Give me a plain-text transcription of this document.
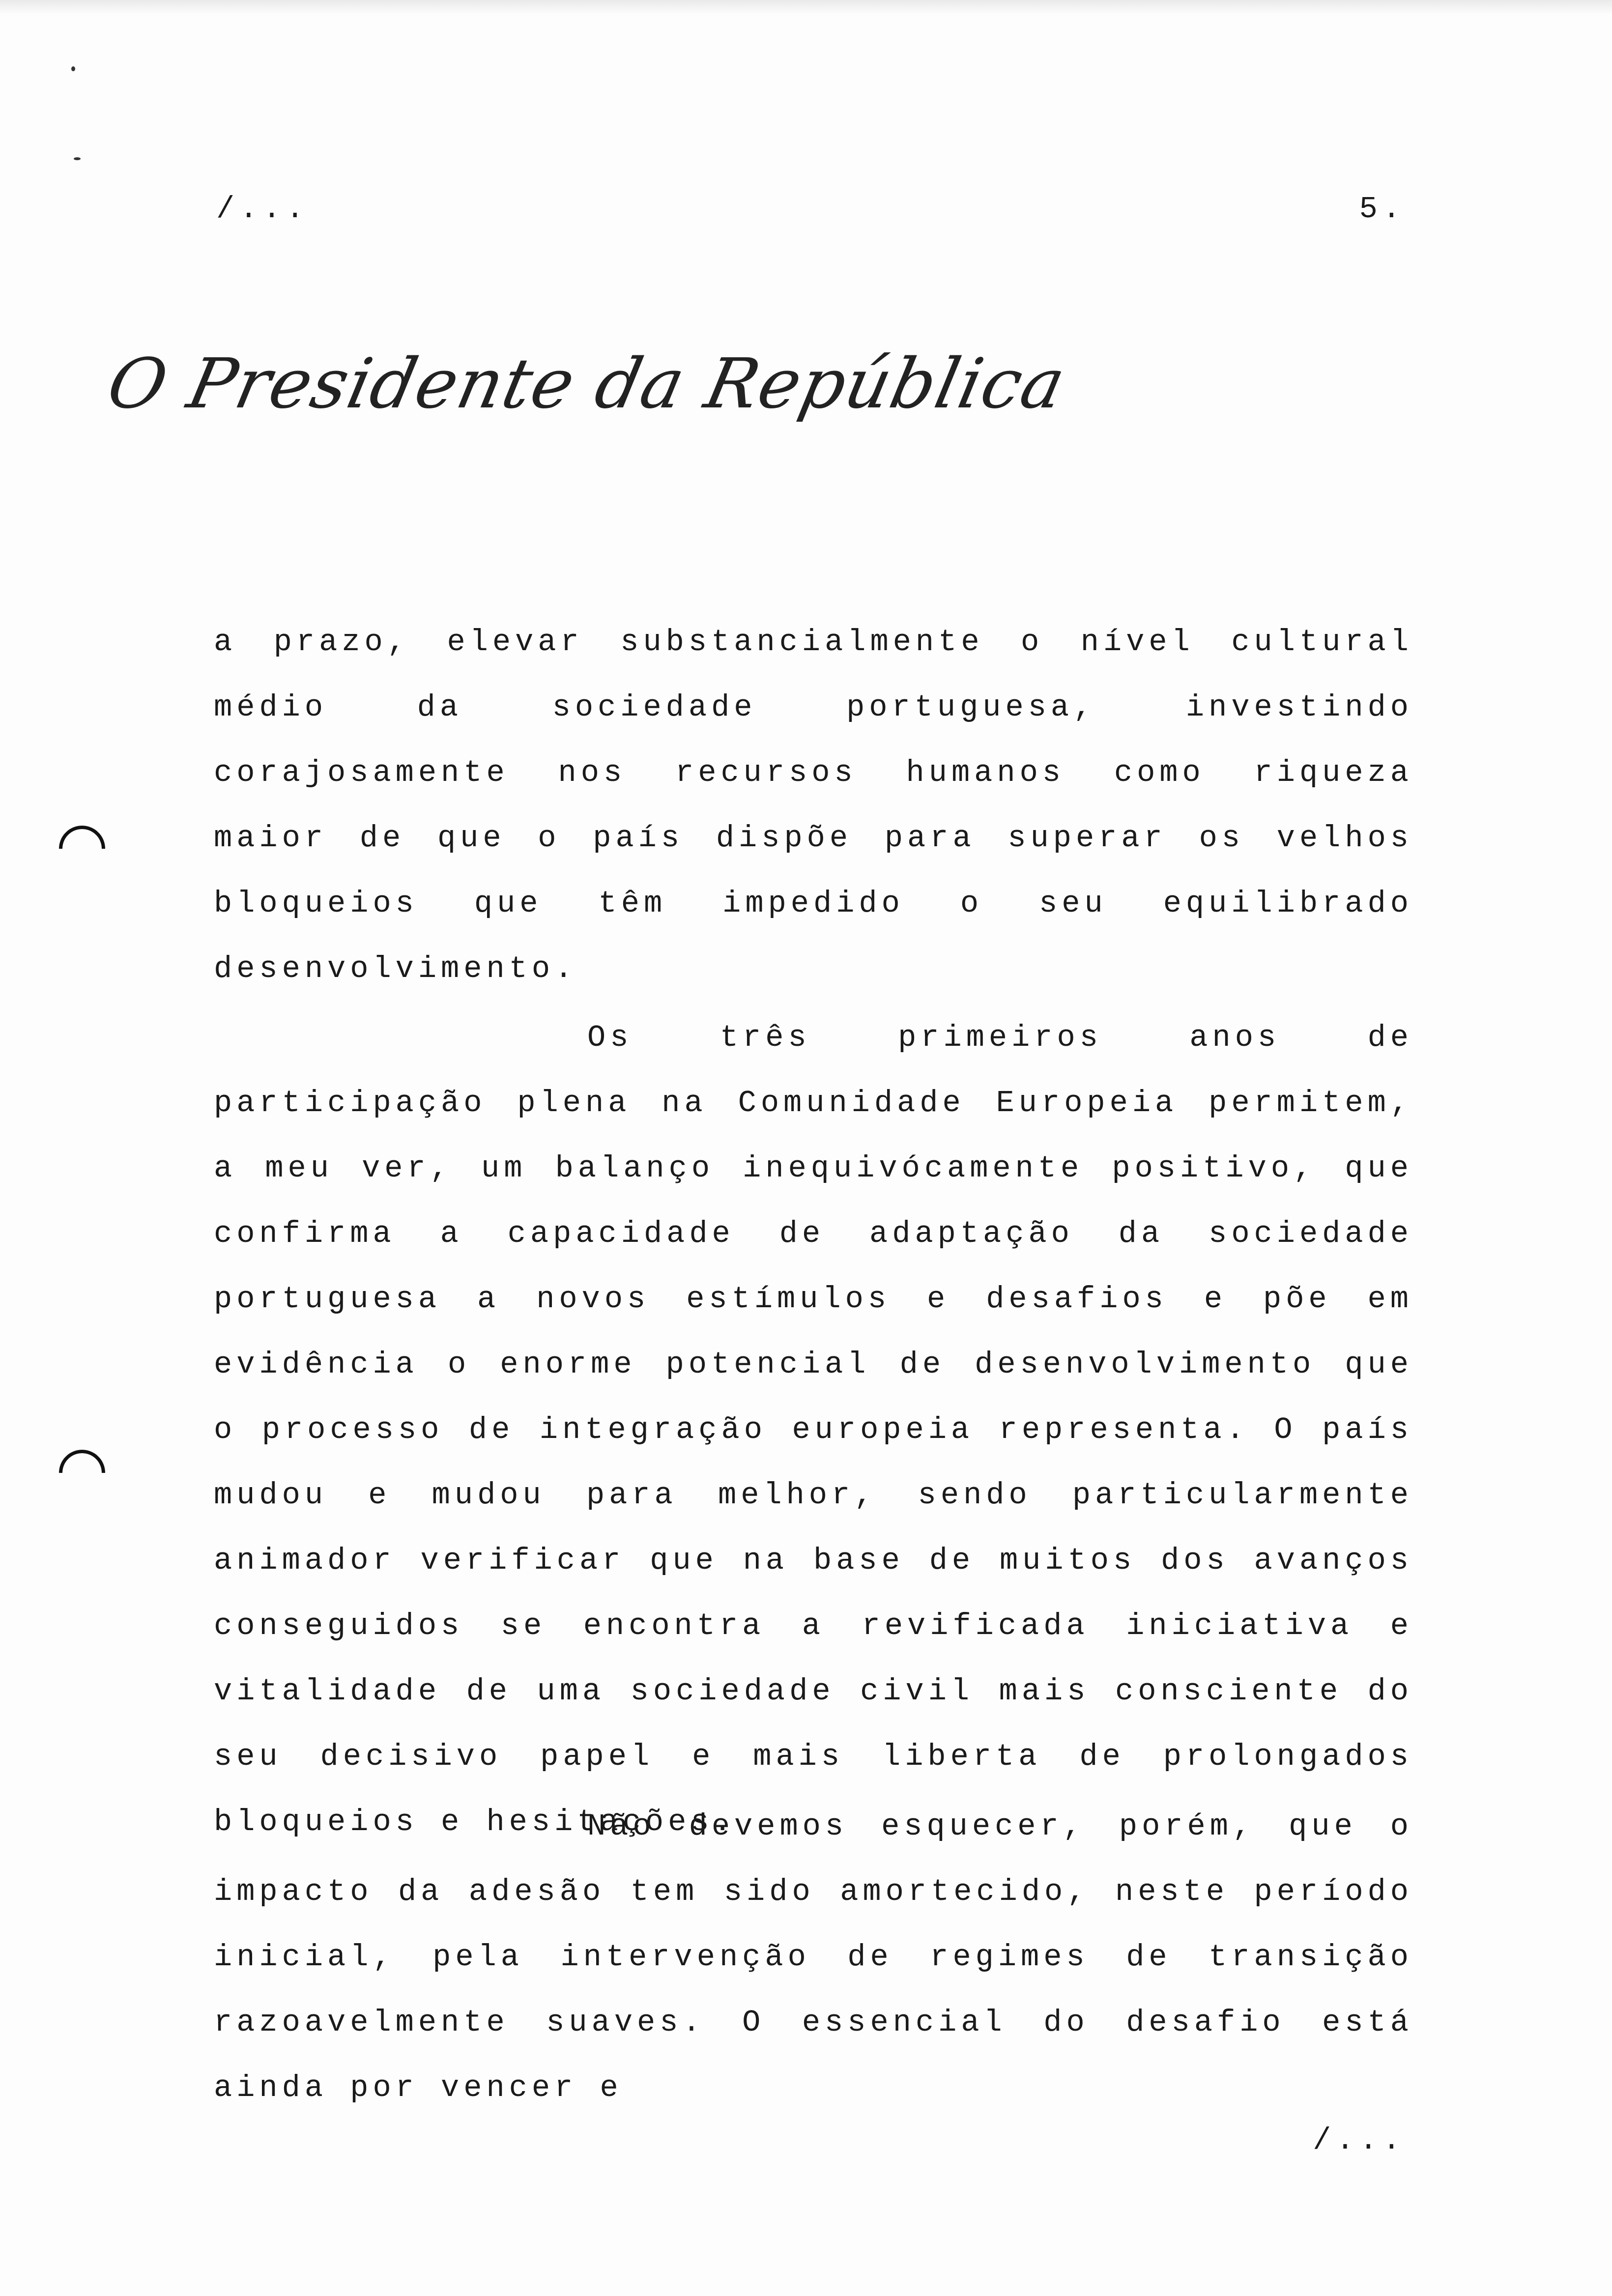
/...	5.
O Presidente da República

a prazo, elevar substancialmente o nível cultural médio da sociedade portuguesa, investindo corajosamente nos recursos humanos como riqueza maior de que o país dispõe para superar os velhos bloqueios que têm impedido o seu equilibrado desenvolvimento.

Os três primeiros anos de participação plena na Comunidade Europeia permitem, a meu ver, um balanço inequivócamente positivo, que confirma a capacidade de adaptação da sociedade portuguesa a novos estímulos e desafios e põe em evidência o enorme potencial de desenvolvimento que o processo de integração europeia representa. O país mudou e mudou para melhor, sendo particularmente animador verificar que na base de muitos dos avanços conseguidos se encontra a revificada iniciativa e vitalidade de uma sociedade civil mais consciente do seu decisivo papel e mais liberta de prolongados bloqueios e hesitações.

Não devemos esquecer, porém, que o impacto da adesão tem sido amortecido, neste período inicial, pela intervenção de regimes de transição razoavelmente suaves. O essencial do desafio está ainda por vencer e

/...
